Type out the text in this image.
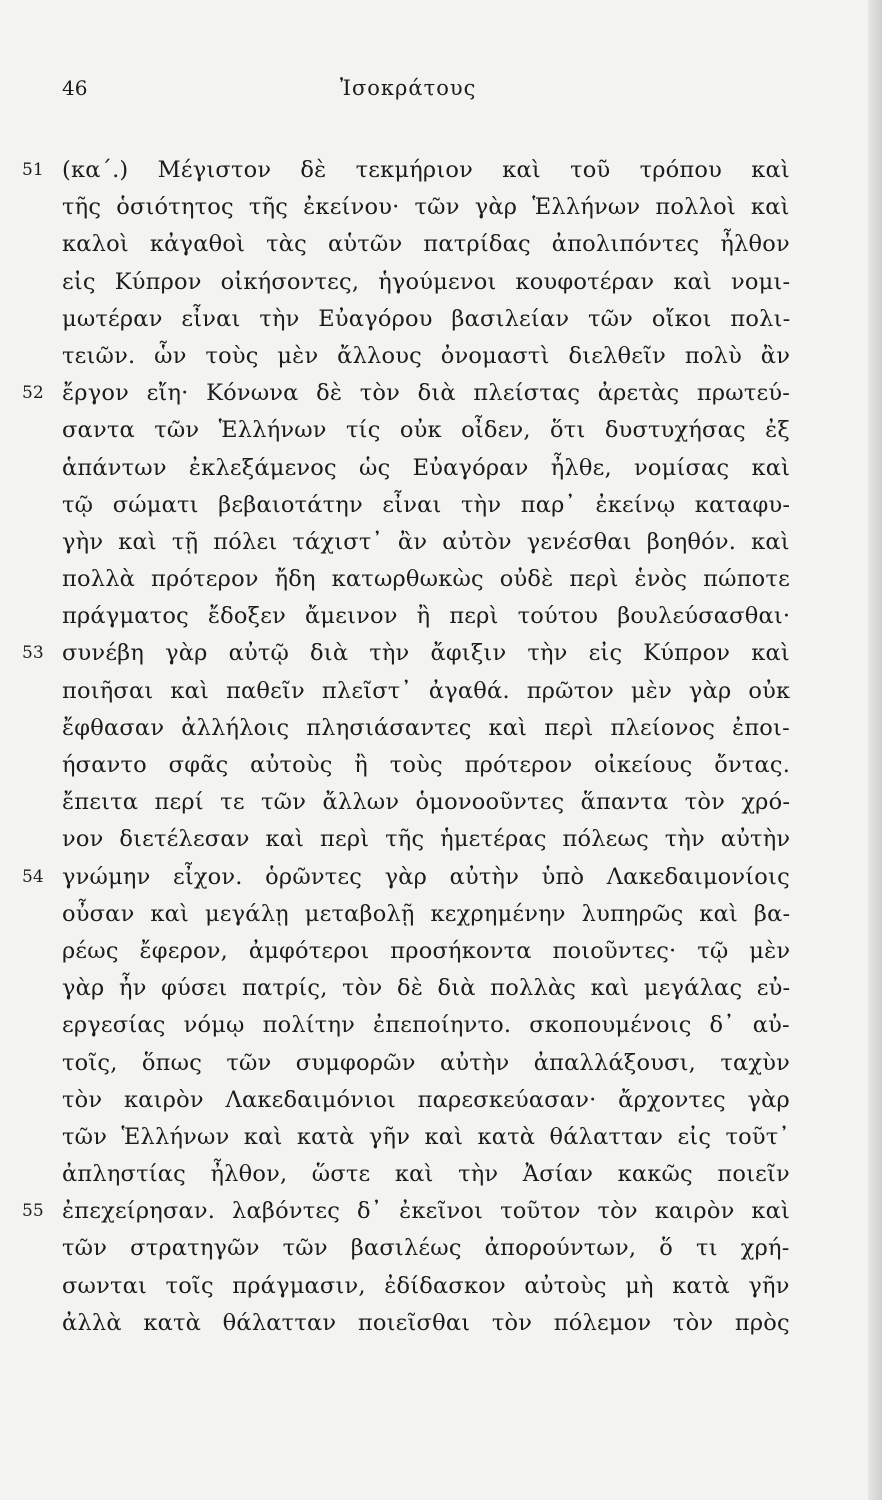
46	Ἰσοκράτους
51 (κα΄.) Μέγιστον δὲ τεκμήριον καὶ τοῦ τρόπου καὶ
τῆς ὁσιότητος τῆς ἐκείνου· τῶν γὰρ Ἑλλήνων πολλοὶ καὶ
καλοὶ κἀγαθοὶ τὰς αὑτῶν πατρίδας ἀπολιπόντες ἦλθον
εἰς Κύπρον οἰκήσοντες, ἡγούμενοι κουφοτέραν καὶ νομι-
μωτέραν εἶναι τὴν Εὐαγόρου βασιλείαν τῶν οἴκοι πολι-
τειῶν. ὧν τοὺς μὲν ἄλλους ὀνομαστὶ διελθεῖν πολὺ ἂν
52 ἔργον εἴη· Κόνωνα δὲ τὸν διὰ πλείστας ἀρετὰς πρωτεύ-
σαντα τῶν Ἑλλήνων τίς οὐκ οἶδεν, ὅτι δυστυχήσας ἐξ
ἁπάντων ἐκλεξάμενος ὡς Εὐαγόραν ἦλθε, νομίσας καὶ
τῷ σώματι βεβαιοτάτην εἶναι τὴν παρ᾽ ἐκείνῳ καταφυ-
γὴν καὶ τῇ πόλει τάχιστ᾽ ἂν αὐτὸν γενέσθαι βοηθόν. καὶ
πολλὰ πρότερον ἤδη κατωρθωκὼς οὐδὲ περὶ ἑνὸς πώποτε
πράγματος ἔδοξεν ἄμεινον ἢ περὶ τούτου βουλεύσασθαι·
53 συνέβη γὰρ αὐτῷ διὰ τὴν ἄφιξιν τὴν εἰς Κύπρον καὶ
ποιῆσαι καὶ παθεῖν πλεῖστ᾽ ἀγαθά. πρῶτον μὲν γὰρ οὐκ
ἔφθασαν ἀλλήλοις πλησιάσαντες καὶ περὶ πλείονος ἐποι-
ήσαντο σφᾶς αὐτοὺς ἢ τοὺς πρότερον οἰκείους ὄντας.
ἔπειτα περί τε τῶν ἄλλων ὁμονοοῦντες ἅπαντα τὸν χρό-
νον διετέλεσαν καὶ περὶ τῆς ἡμετέρας πόλεως τὴν αὐτὴν
54 γνώμην εἶχον. ὁρῶντες γὰρ αὐτὴν ὑπὸ Λακεδαιμονίοις
οὖσαν καὶ μεγάλῃ μεταβολῇ κεχρημένην λυπηρῶς καὶ βα-
ρέως ἔφερον, ἀμφότεροι προσήκοντα ποιοῦντες· τῷ μὲν
γὰρ ἦν φύσει πατρίς, τὸν δὲ διὰ πολλὰς καὶ μεγάλας εὐ-
εργεσίας νόμῳ πολίτην ἐπεποίηντο. σκοπουμένοις δ᾽ αὐ-
τοῖς, ὅπως τῶν συμφορῶν αὐτὴν ἀπαλλάξουσι, ταχὺν
τὸν καιρὸν Λακεδαιμόνιοι παρεσκεύασαν· ἄρχοντες γὰρ
τῶν Ἑλλήνων καὶ κατὰ γῆν καὶ κατὰ θάλατταν εἰς τοῦτ᾽
ἀπληστίας ἦλθον, ὥστε καὶ τὴν Ἀσίαν κακῶς ποιεῖν
55 ἐπεχείρησαν. λαβόντες δ᾽ ἐκεῖνοι τοῦτον τὸν καιρὸν καὶ
τῶν στρατηγῶν τῶν βασιλέως ἀπορούντων, ὅ τι χρή-
σωνται τοῖς πράγμασιν, ἐδίδασκον αὐτοὺς μὴ κατὰ γῆν
ἀλλὰ κατὰ θάλατταν ποιεῖσθαι τὸν πόλεμον τὸν πρὸς
